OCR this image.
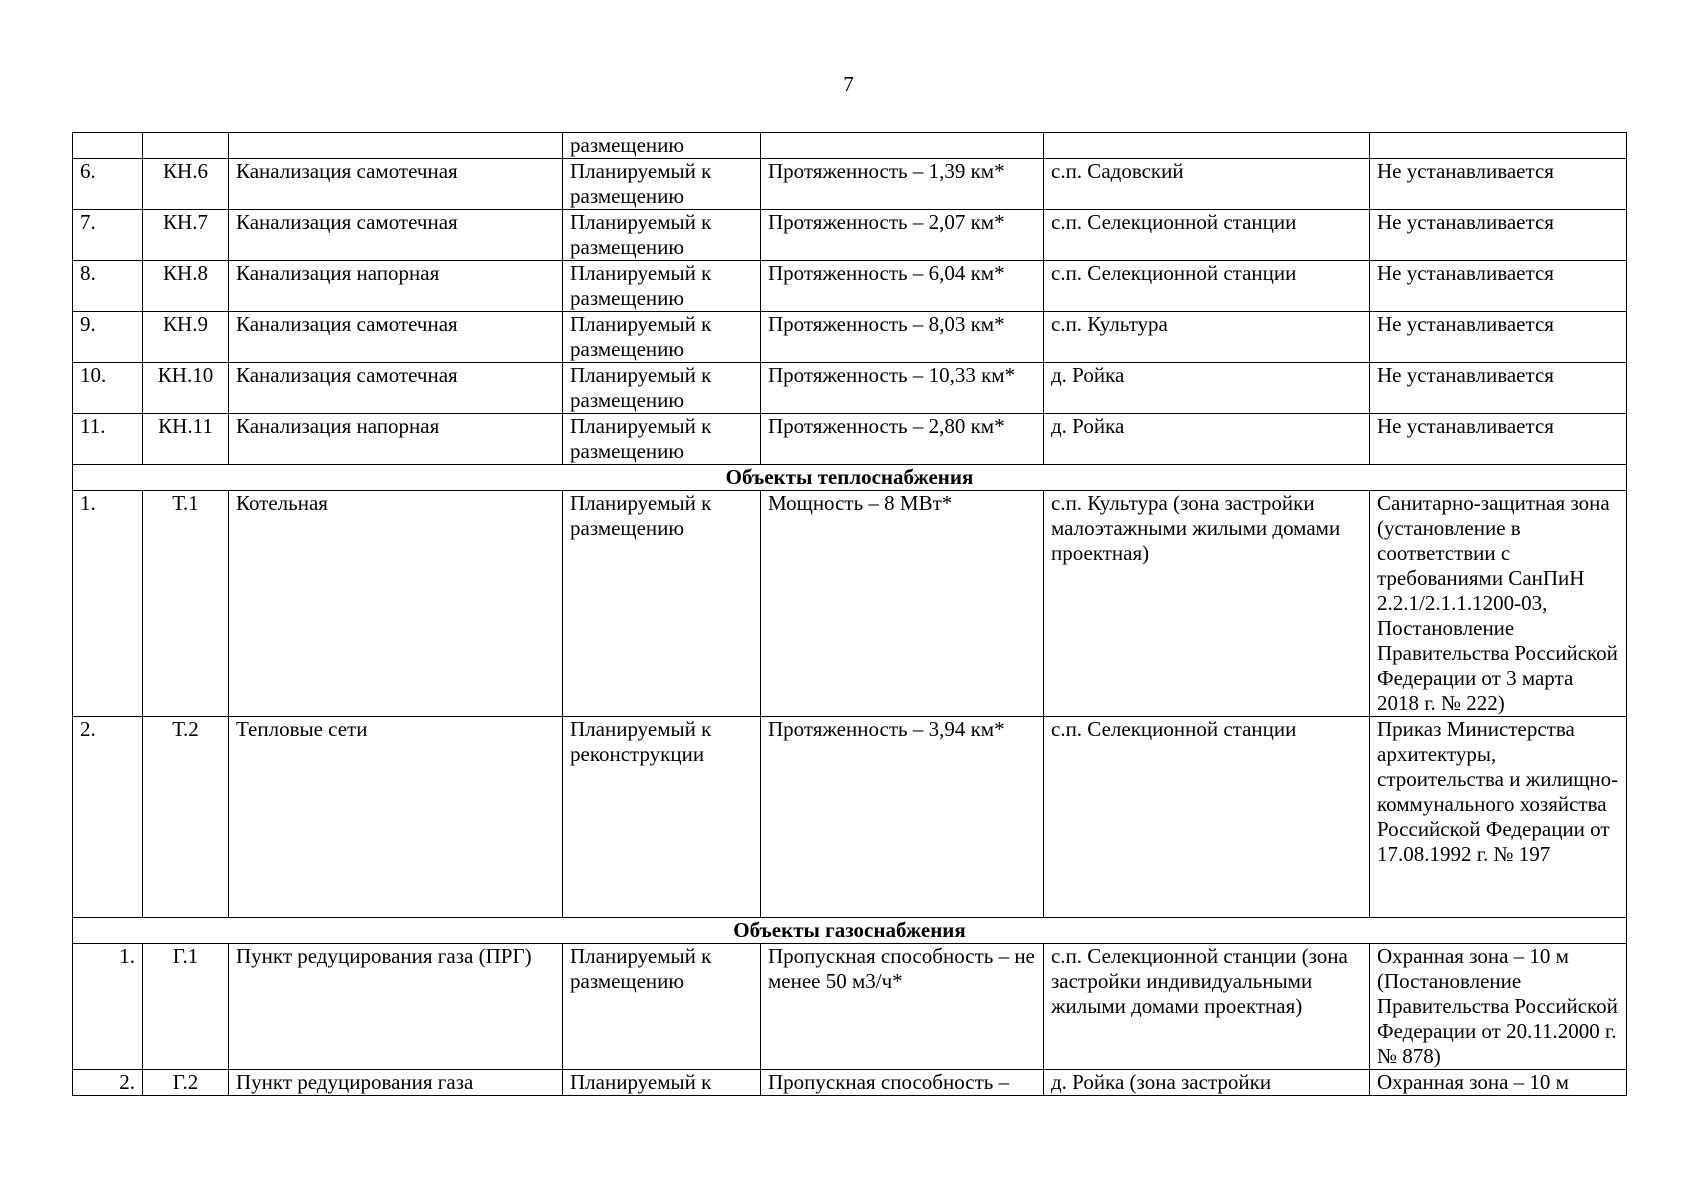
7
			размещению			
6.	КН.6	Канализация самотечная	Планируемый к размещению	Протяженность – 1,39 км*	с.п. Садовский	Не устанавливается
7.	КН.7	Канализация самотечная	Планируемый к размещению	Протяженность – 2,07 км*	с.п. Селекционной станции	Не устанавливается
8.	КН.8	Канализация напорная	Планируемый к размещению	Протяженность – 6,04 км*	с.п. Селекционной станции	Не устанавливается
9.	КН.9	Канализация самотечная	Планируемый к размещению	Протяженность – 8,03 км*	с.п. Культура	Не устанавливается
10.	КН.10	Канализация самотечная	Планируемый к размещению	Протяженность – 10,33 км*	д. Ройка	Не устанавливается
11.	КН.11	Канализация напорная	Планируемый к размещению	Протяженность – 2,80 км*	д. Ройка	Не устанавливается
Объекты теплоснабжения						
1.	Т.1	Котельная	Планируемый к размещению	Мощность – 8 МВт*	с.п. Культура (зона застройки малоэтажными жилыми домами проектная)	Санитарно-защитная зона (установление в соответствии с требованиями СанПиН 2.2.1/2.1.1.1200-03, Постановление Правительства Российской Федерации от 3 марта 2018 г. № 222)
2.	Т.2	Тепловые сети	Планируемый к реконструкции	Протяженность – 3,94 км*	с.п. Селекционной станции	Приказ Министерства архитектуры, строительства и жилищно-коммунального хозяйства Российской Федерации от 17.08.1992 г. № 197
Объекты газоснабжения						
1.	Г.1	Пункт редуцирования газа (ПРГ)	Планируемый к размещению	Пропускная способность – не менее 50 м3/ч*	с.п. Селекционной станции (зона застройки индивидуальными жилыми домами проектная)	Охранная зона – 10 м (Постановление Правительства Российской Федерации от 20.11.2000 г. № 878)
2.	Г.2	Пункт редуцирования газа	Планируемый к	Пропускная способность –	д. Ройка (зона застройки	Охранная зона – 10 м
